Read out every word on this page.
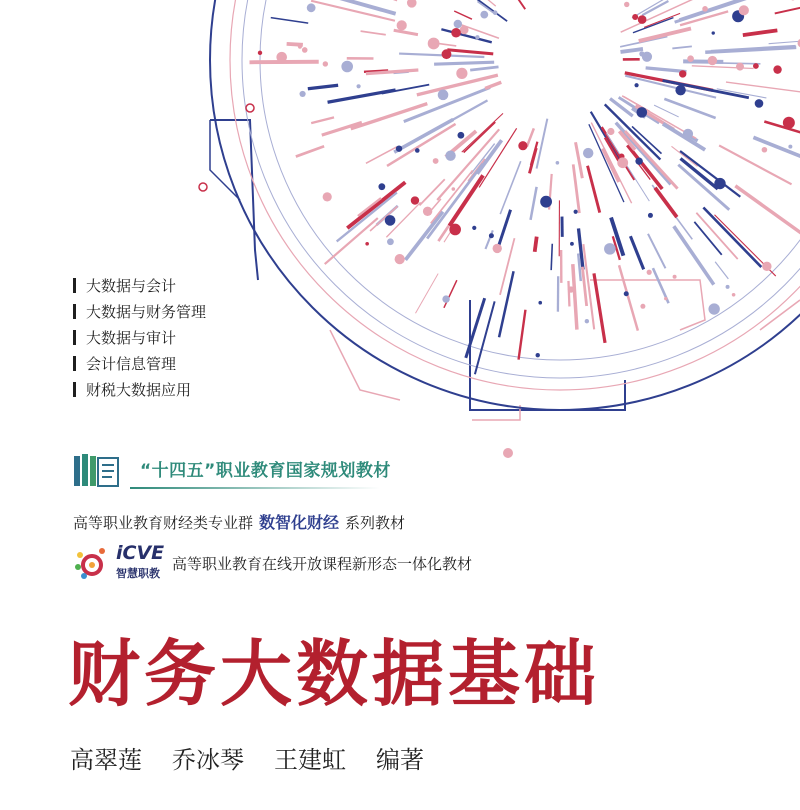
大数据与会计
大数据与财务管理
大数据与审计
会计信息管理
财税大数据应用
“十四五”职业教育国家规划教材
高等职业教育财经类专业群 数智化财经 系列教材
iCVE
智慧职教
高等职业教育在线开放课程新形态一体化教材
财务大数据基础
高翠莲 乔冰琴 王建虹 编著
